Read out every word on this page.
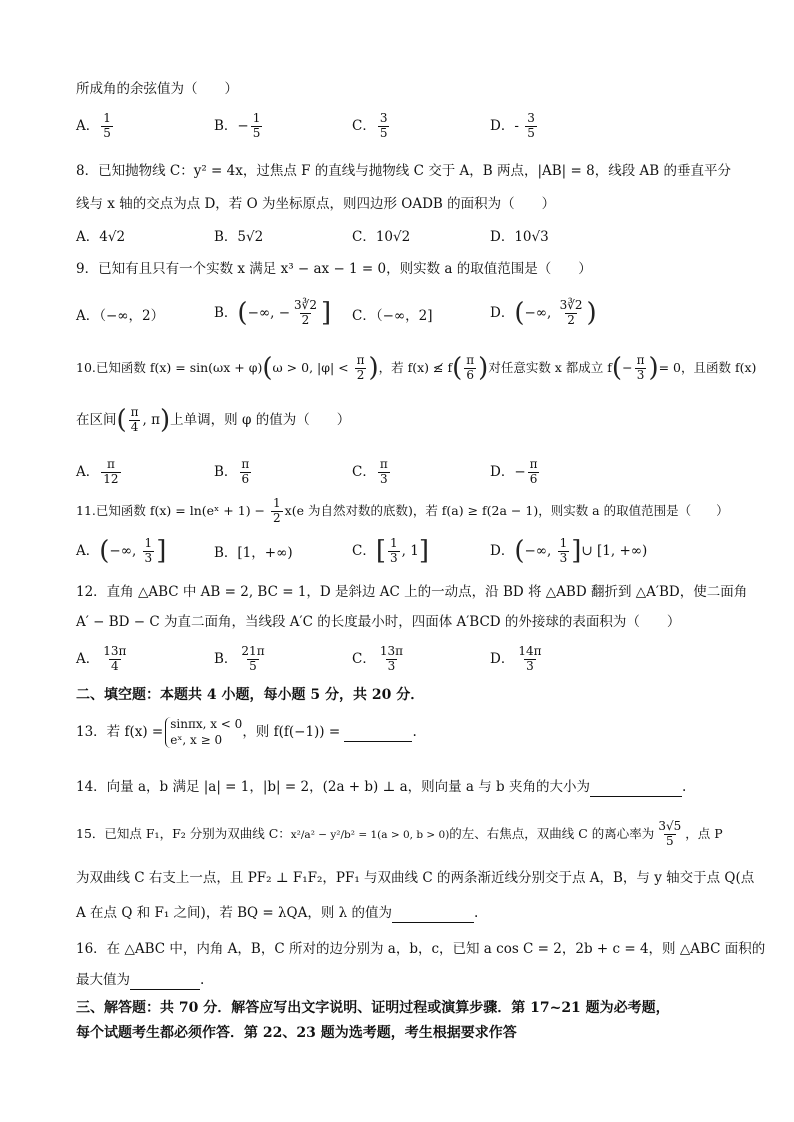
所成角的余弦值为（　　）
A． $\frac{1}{5}$	B．− $\frac{1}{5}$	C． $\frac{3}{5}$	D．- $\frac{3}{5}$
8．已知抛物线 C：y² = 4x，过焦点 F 的直线与抛物线 C 交于 A，B 两点，|AB| = 8，线段 AB 的垂直平分
线与 x 轴的交点为点 D，若 O 为坐标原点，则四边形 OADB 的面积为（　　）
A．4√2	B．5√2	C．10√2	D．10√3
9．已知有且只有一个实数 x 满足 x³ − ax − 1 = 0，则实数 a 的取值范围是（　　）
A．（−∞，2）	B．(−∞, − $\frac{3∛2}{2}$ ] C．（−∞，2]	D．(−∞, $\frac{3∛2}{2}$ )
10.已知函数 f(x) = sin(ωx + φ)(ω > 0, $|\varphi| < \frac{\pi}{2}$ )，若 f(x) ≰ $f( \frac{\pi}{6}$ )对任意实数 x 都成立 $f(- \frac{\pi}{3}$ )= 0，且函数 f(x)
在区间( $\frac{\pi}{4}$ , π)上单调，则 φ 的值为（　　）
A． $\frac{\pi}{12}$	B． $\frac{\pi}{6}$	C． $\frac{\pi}{3}$	D．− $\frac{\pi}{6}$
11.已知函数 f(x) = ln(eˣ + $1) - \frac{1}{2} x(e$ 为自然对数的底数)，若 f(a) ≥ f(2a − 1)，则实数 a 的取值范围是（　　）
A．(−∞, $\frac{1}{3}$ ]	B．[1，+∞)	C．[ $\frac{1}{3}$ , 1]	D．(−∞, $\frac{1}{3}$ ]∪ [1, +∞)
12．直角 △ABC 中 AB = 2, BC = 1，D 是斜边 AC 上的一动点，沿 BD 将 △ABD 翻折到 △A′BD，使二面角
A′ − BD − C 为直二面角，当线段 A′C 的长度最小时，四面体 A′BCD 的外接球的表面积为（　　）
A． $\frac{13\pi}{4}$	B． $\frac{21\pi}{5}$	C． $\frac{13\pi}{3}$	D． $\frac{14\pi}{3}$
二、填空题：本题共 4 小题，每小题 5 分，共 20 分．
13．若 f(x) =sinπx, x < 0
eˣ, x ≥ 0 ，则 f(f(−1)) =	.
14．向量 a，b 满足 |a| = 1，|b| = 2，(2a + b) ⊥ a，则向量 a 与 b 夹角的大小为	.
15．已知点 F₁，F₂ 分别为双曲线 C：x²/a² − y²/b² = 1(a > 0, b > 0)的左、右焦点，双曲线 C 的离心率为 $\frac{3√5}{5}$ ，点 P
为双曲线 C 右支上一点，且 PF₂ ⊥ F₁F₂，PF₁ 与双曲线 C 的两条渐近线分别交于点 A，B，与 y 轴交于点 Q(点
A 在点 Q 和 F₁ 之间)，若 BQ = λQA，则 λ 的值为	.
16．在 △ABC 中，内角 A，B，C 所对的边分别为 a，b，c，已知 a cos C = 2，2b + c = 4，则 △ABC 面积的
最大值为	.
三、解答题：共 70 分．解答应写出文字说明、证明过程或演算步骤．第 17~21 题为必考题，
每个试题考生都必须作答．第 22、23 题为选考题，考生根据要求作答
